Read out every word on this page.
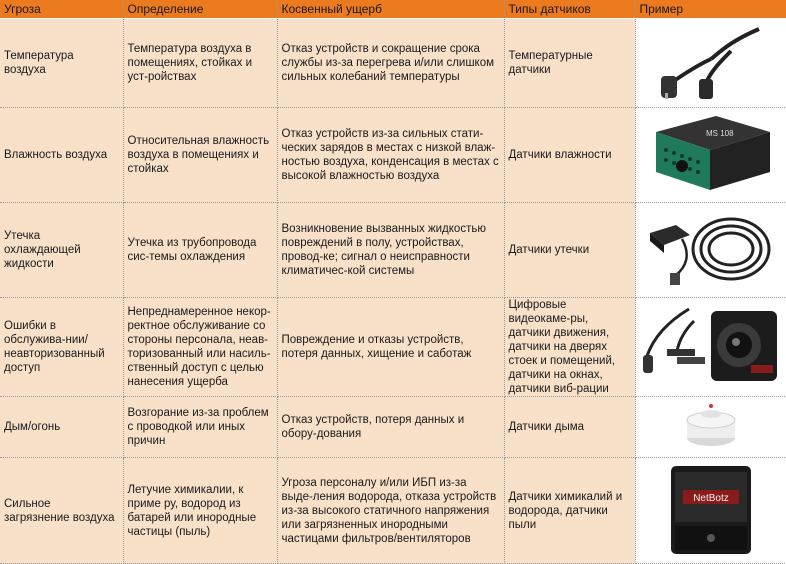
Угроза	Определение	Косвенный ущерб	Типы датчиков	Пример
Температура воздуха	Температура воздуха в помещениях, стойках и уст-ройствах	Отказ устройств и сокращение срока службы из-за перегрева и/или слишком сильных колебаний температуры	Температурные датчики	
Влажность воздуха	Относительная влажность воздуха в помещениях и стойках	Отказ устройств из-за сильных стати-ческих зарядов в местах с низкой влаж-ностью воздуха, конденсация в местах с высокой влажностью воздуха	Датчики влажности	MS 108

Утечка охлаждающей жидкости	Утечка из трубопровода сис-темы охлаждения	Возникновение вызванных жидкостью повреждений в полу, устройствах, провод-ке; сигнал о неисправности климатичес-кой системы	Датчики утечки	
Ошибки в обслужива-нии/неавторизованный доступ	Непреднамеренное некор-ректное обслуживание со стороны персонала, неав-торизованный или насиль-ственный доступ с целью нанесения ущерба	Повреждение и отказы устройств, потеря данных, хищение и саботаж	Цифровые видеокаме-ры, датчики движения, датчики на дверях стоек и помещений, датчики на окнах, датчики виб-рации	
Дым/огонь	Возгорание из-за проблем с проводкой или иных причин	Отказ устройств, потеря данных и обору-дования	Датчики дыма	
Сильное загрязнение воздуха	Летучие химикалии, к приме ру, водород из батарей или инородные частицы (пыль)	Угроза персоналу и/или ИБП из-за выде-ления водорода, отказа устройств из-за высокого статичного напряжения или загрязненных инородными частицами фильтров/вентиляторов	Датчики химикалий и водорода, датчики пыли	NetBotz
